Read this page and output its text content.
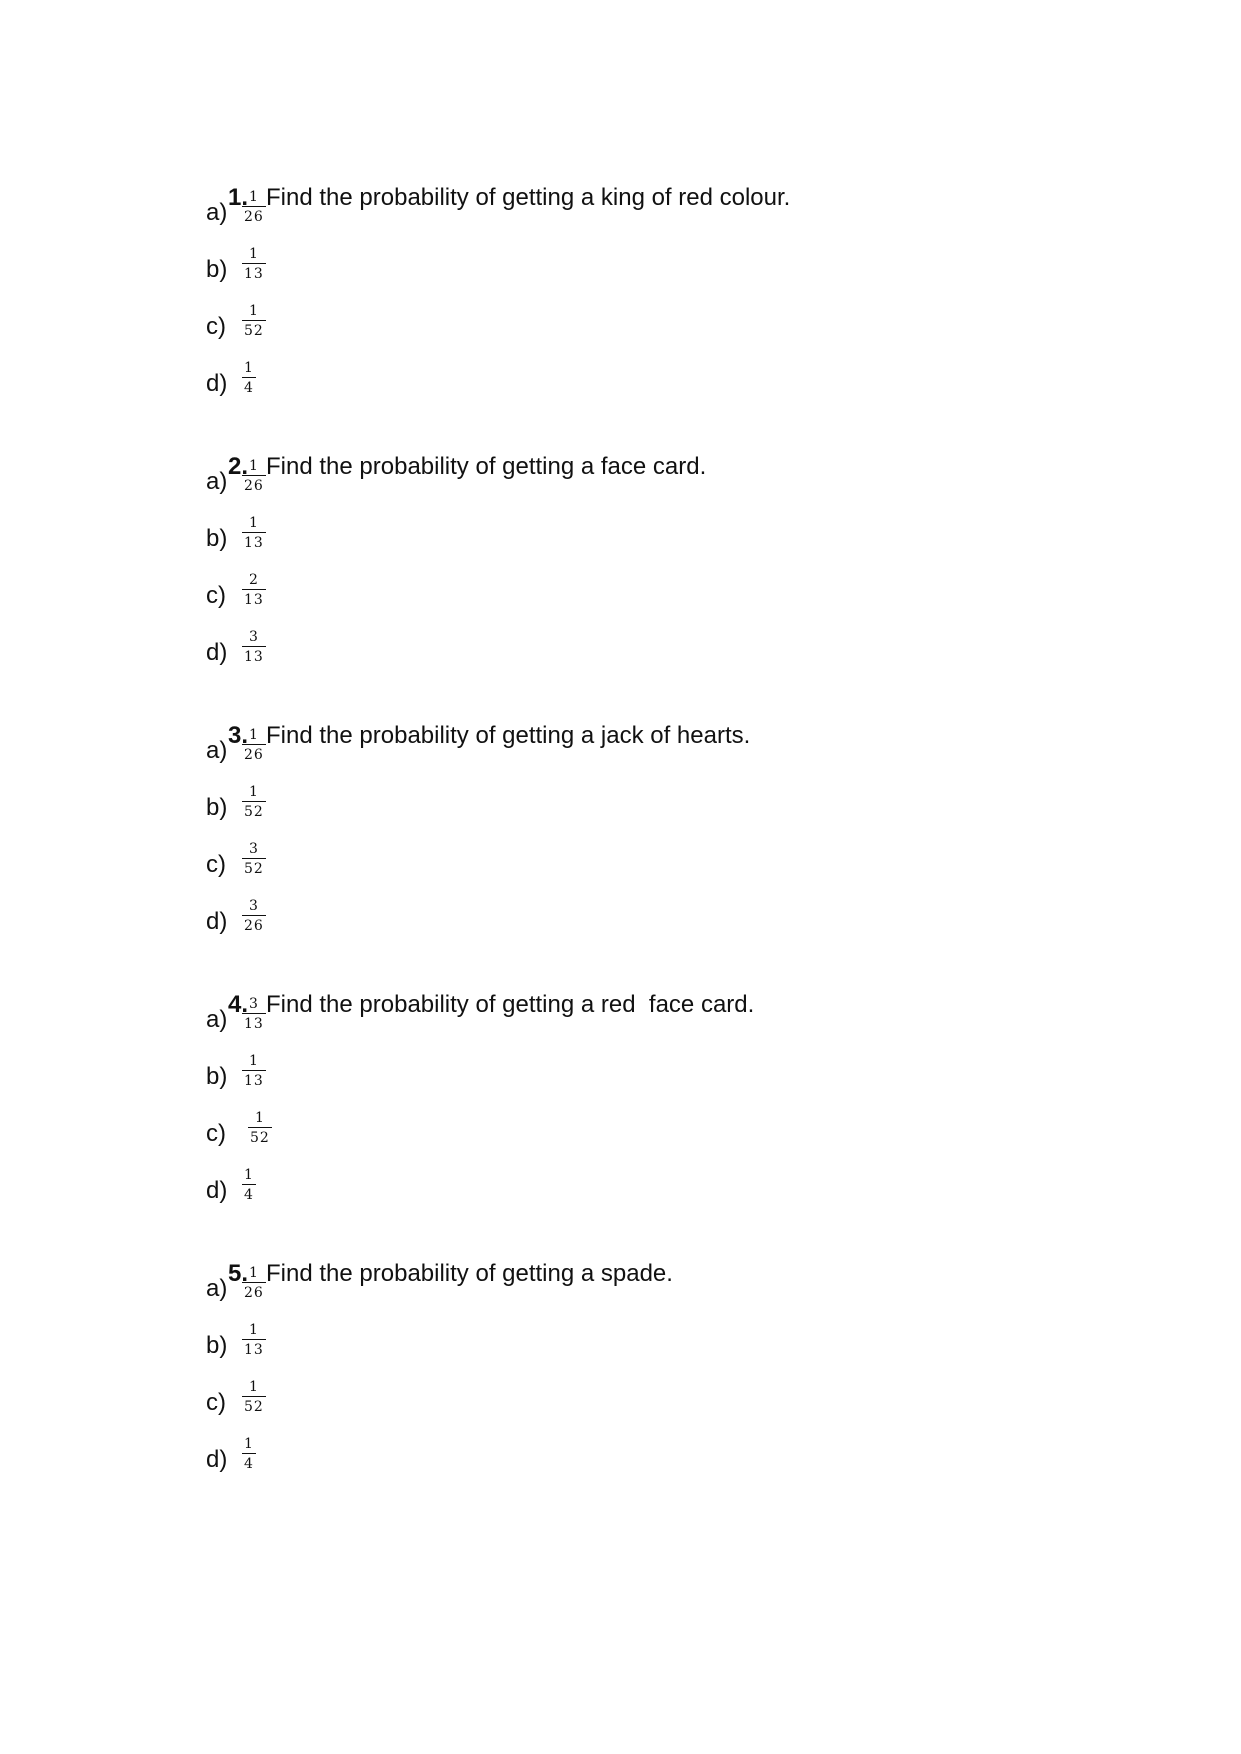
1. Find the probability of getting a king of red colour.

$a) \frac{1}{26}$
$b) \frac{1}{13}$
$c) \frac{1}{52}$
$d) \frac{1}{4}$

2. Find the probability of getting a face card.

$a) \frac{1}{26}$
$b) \frac{1}{13}$
$c) \frac{2}{13}$
$d) \frac{3}{13}$

3. Find the probability of getting a jack of hearts.

$a) \frac{1}{26}$
$b) \frac{1}{52}$
$c) \frac{3}{52}$
$d) \frac{3}{26}$

4. Find the probability of getting a red  face card.

$a) \frac{3}{13}$
$b) \frac{1}{13}$
$c) \frac{1}{52}$
$d) \frac{1}{4}$

5. Find the probability of getting a spade.

$a) \frac{1}{26}$
$b) \frac{1}{13}$
$c) \frac{1}{52}$
$d) \frac{1}{4}$
